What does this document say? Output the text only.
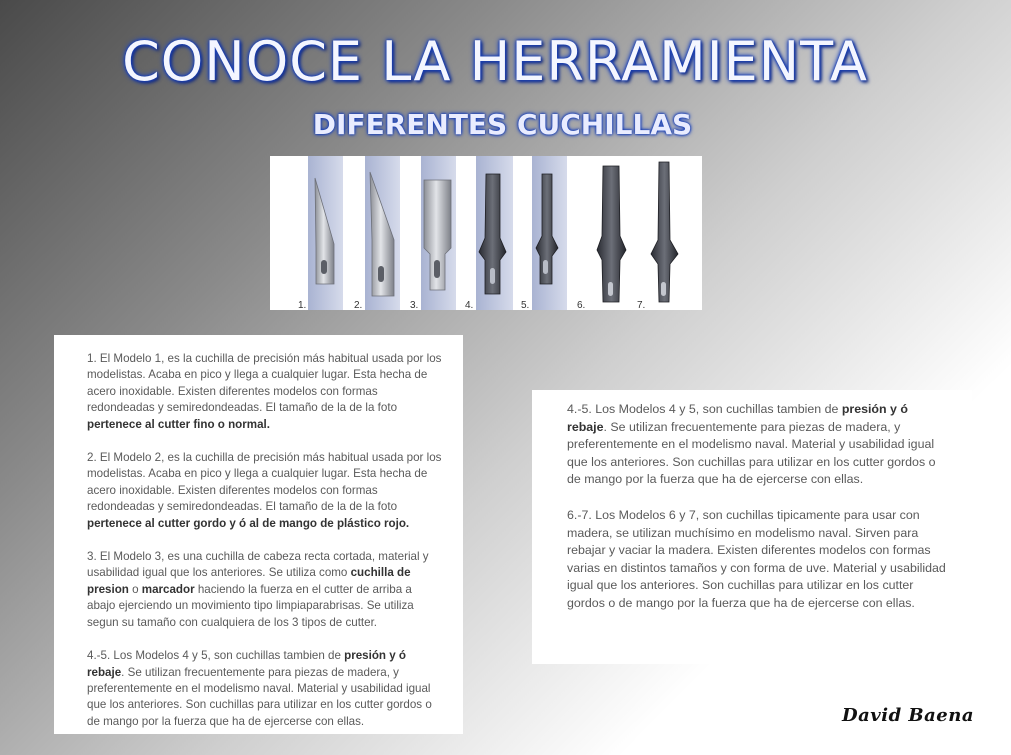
CONOCE LA HERRAMIENTA
DIFERENTES CUCHILLAS
1.	2.	3.	4.	5.	6.	7.

1. El Modelo 1, es la cuchilla de precisión más habitual usada por los modelistas. Acaba en pico y llega a cualquier lugar. Esta hecha de acero inoxidable. Existen diferentes modelos con formas redondeadas y semiredondeadas. El tamaño de la de la foto pertenece al cutter fino o normal.

2. El Modelo 2, es la cuchilla de precisión más habitual usada por los modelistas. Acaba en pico y llega a cualquier lugar. Esta hecha de acero inoxidable. Existen diferentes modelos con formas redondeadas y semiredondeadas. El tamaño de la de la foto pertenece al cutter gordo y ó al de mango de plástico rojo.

3. El Modelo 3, es una cuchilla de cabeza recta cortada, material y usabilidad igual que los anteriores. Se utiliza como cuchilla de presion o marcador haciendo la fuerza en el cutter de arriba a abajo ejerciendo un movimiento tipo limpiaparabrisas. Se utiliza segun su tamaño con cualquiera de los 3 tipos de cutter.

4.-5. Los Modelos 4 y 5, son cuchillas tambien de presión y ó rebaje. Se utilizan frecuentemente para piezas de madera, y preferentemente en el modelismo naval. Material y usabilidad igual que los anteriores. Son cuchillas para utilizar en los cutter gordos o de mango por la fuerza que ha de ejercerse con ellas.

4.-5. Los Modelos 4 y 5, son cuchillas tambien de presión y ó rebaje. Se utilizan frecuentemente para piezas de madera, y preferentemente en el modelismo naval. Material y usabilidad igual que los anteriores. Son cuchillas para utilizar en los cutter gordos o de mango por la fuerza que ha de ejercerse con ellas.

6.-7. Los Modelos 6 y 7, son cuchillas tipicamente para usar con madera, se utilizan muchísimo en modelismo naval. Sirven para rebajar y vaciar la madera. Existen diferentes modelos con formas varias en distintos tamaños y con forma de uve. Material y usabilidad igual que los anteriores. Son cuchillas para utilizar en los cutter gordos o de mango por la fuerza que ha de ejercerse con ellas.

David Baena
